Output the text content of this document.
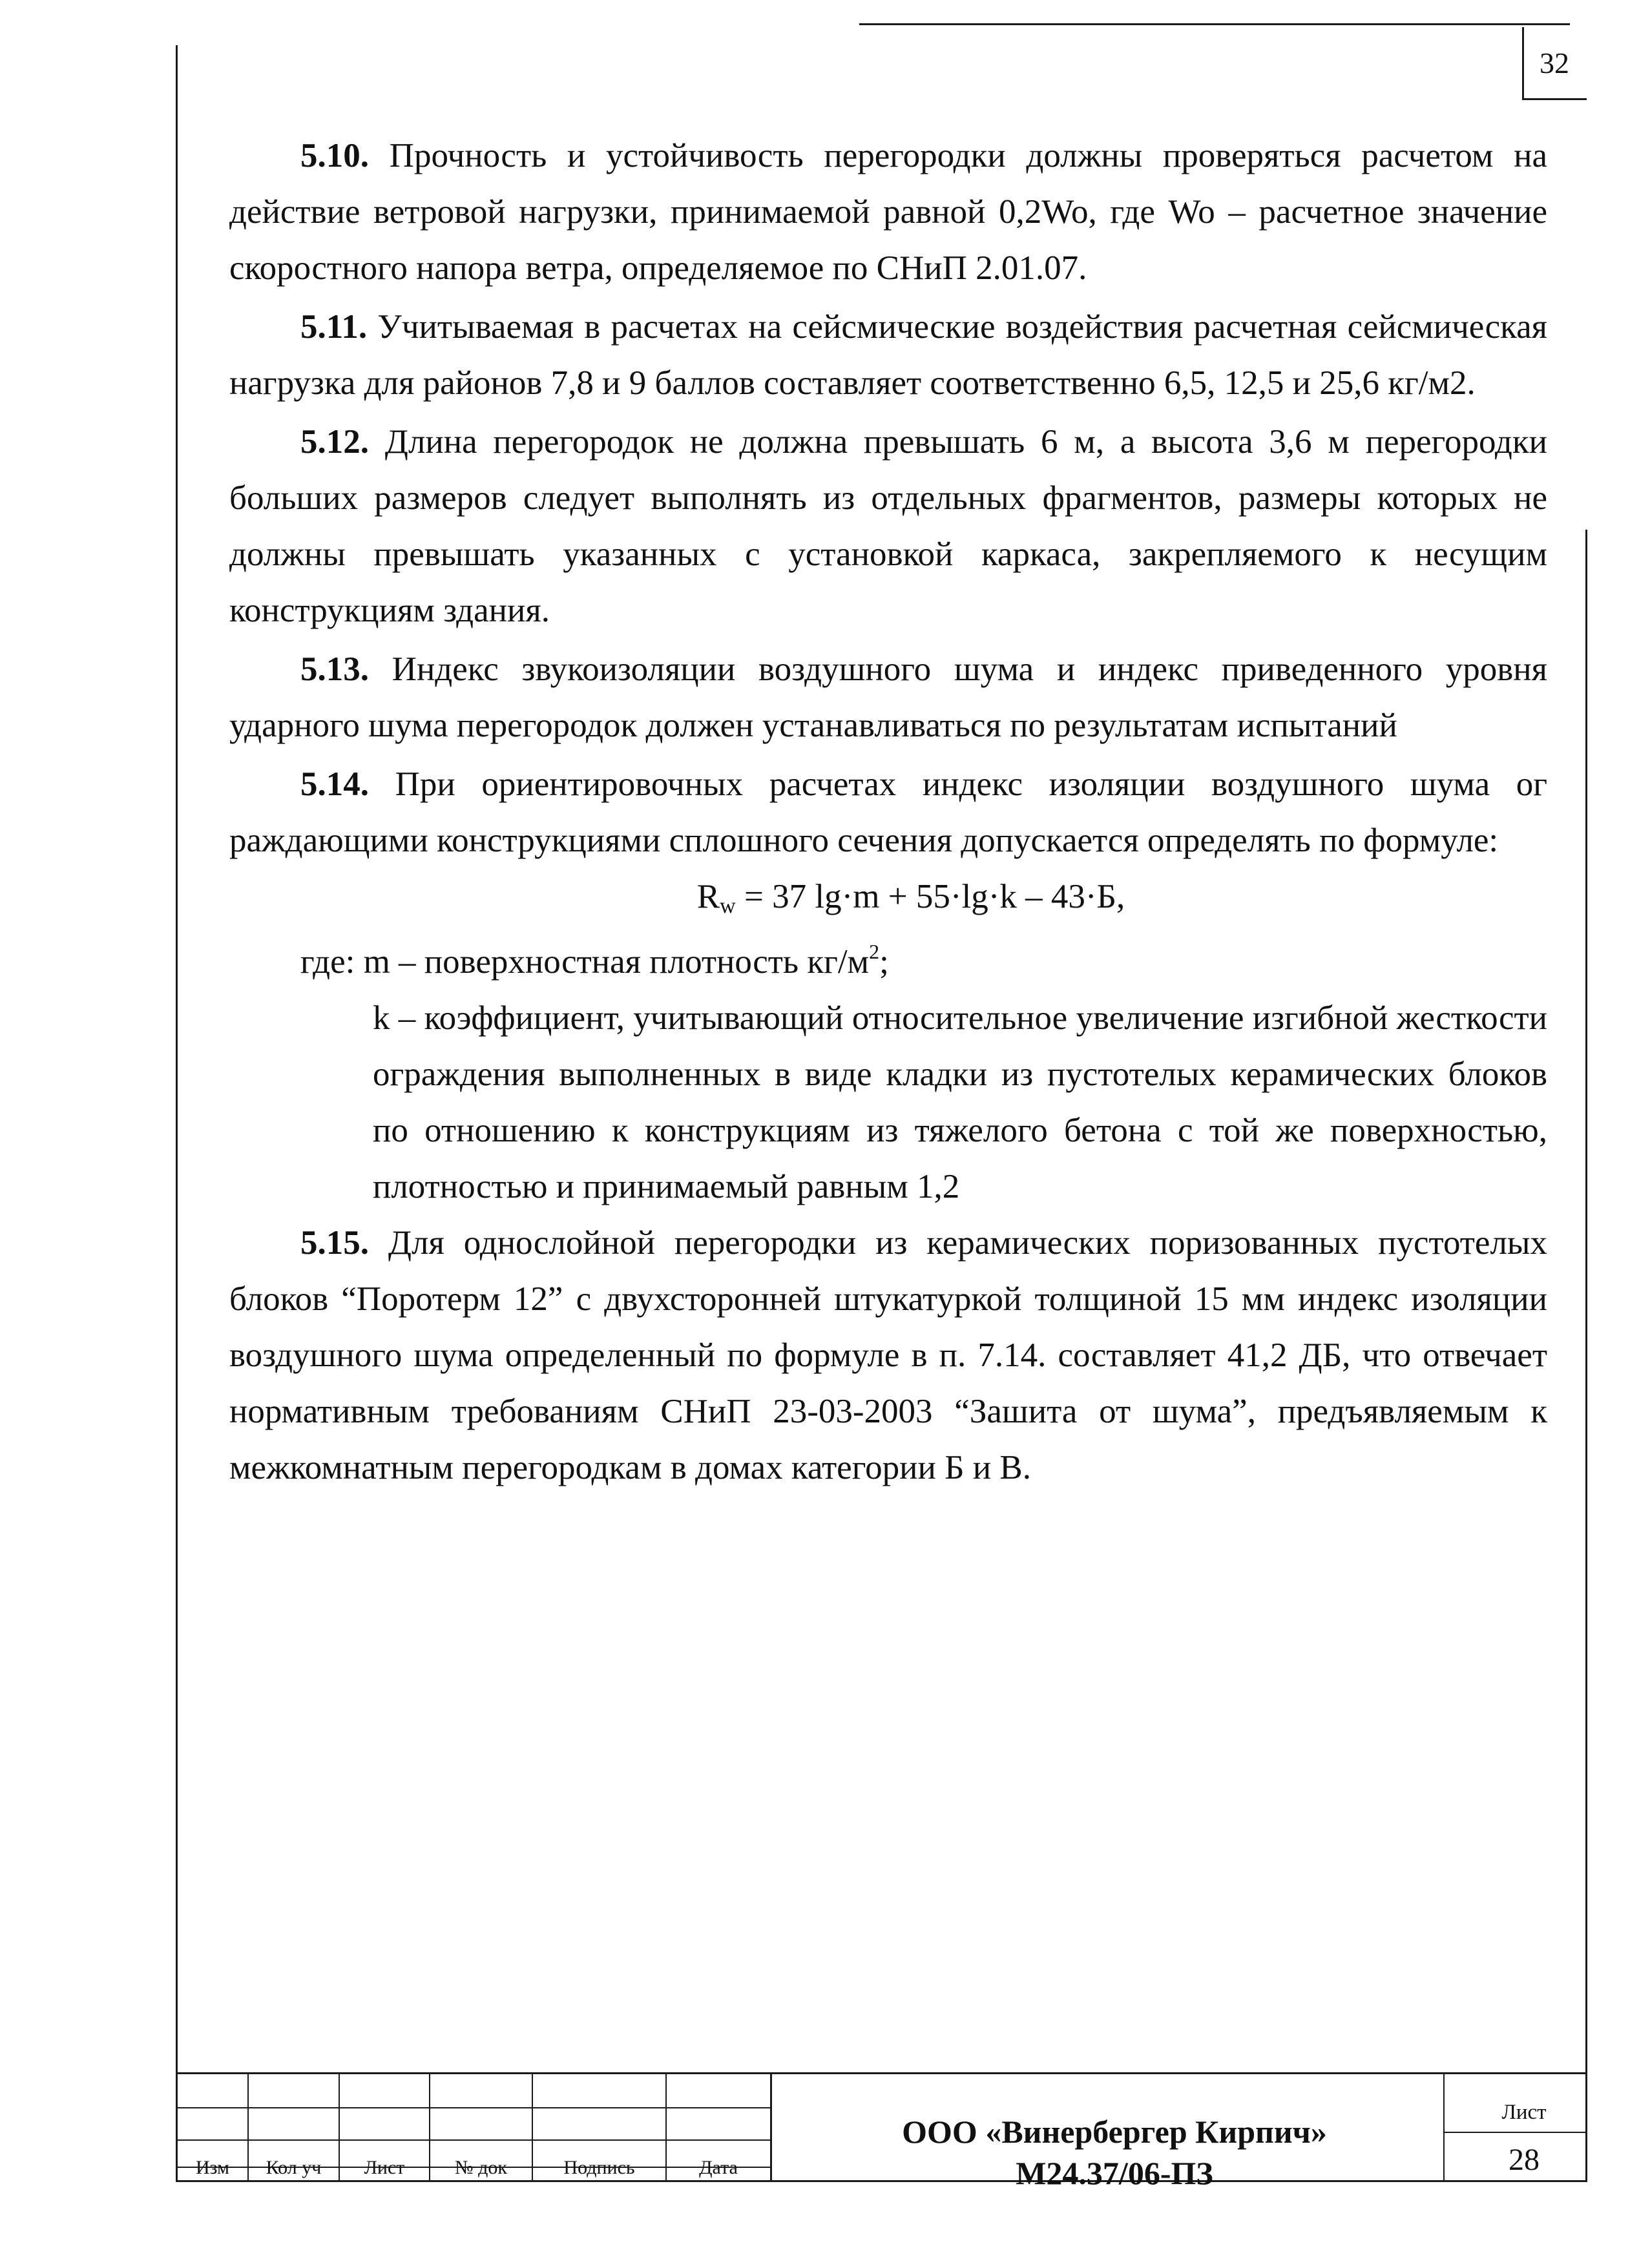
32

5.10. Прочность и устойчивость перегородки должны проверяться расчетом на действие ветровой нагрузки, принимаемой равной 0,2Wo, где Wo – расчетное значение скоростного напора ветра, определяемое по СНиП 2.01.07.

5.11. Учитываемая в расчетах на сейсмические воздействия расчетная сейсмическая нагрузка для районов 7,8 и 9 баллов составляет соответственно 6,5, 12,5 и 25,6 кг/м2.

5.12. Длина перегородок не должна превышать 6 м, а высота 3,6 м перегородки больших размеров следует выполнять из отдельных фрагментов, размеры которых не должны превышать указанных с установкой каркаса, закрепляемого к несущим конструкциям здания.

5.13. Индекс звукоизоляции воздушного шума и индекс приведенного уровня ударного шума перегородок должен устанавливаться по результатам испытаний

5.14. При ориентировочных расчетах индекс изоляции воздушного шума ог раждающими конструкциями сплошного сечения допускается определять по формуле:

$R_w = 37$ lg·m + 55·lg·k – 43·Б,

где: m – поверхностная плотность $кг/м^2$;

k – коэффициент, учитывающий относительное увеличение изгибной жесткости ограждения выполненных в виде кладки из пустотелых керамических блоков по отношению к конструкциям из тяжелого бетона с той же поверхностью, плотностью и принимаемый равным 1,2

5.15. Для однослойной перегородки из керамических поризованных пустотелых блоков “Поротерм 12” с двухсторонней штукатуркой толщиной 15 мм индекс изоляции воздушного шума определенный по формуле в п. 7.14. составляет 41,2 ДБ, что отвечает нормативным требованиям СНиП 23-03-2003 “Зашита от шума”, предъявляемым к межкомнатным перегородкам в домах категории Б и В.

Изм	Кол уч	Лист	№ док	Подпись	Дата
ООО «Винербергер Кирпич»
М24.37/06-ПЗ
Лист
28
